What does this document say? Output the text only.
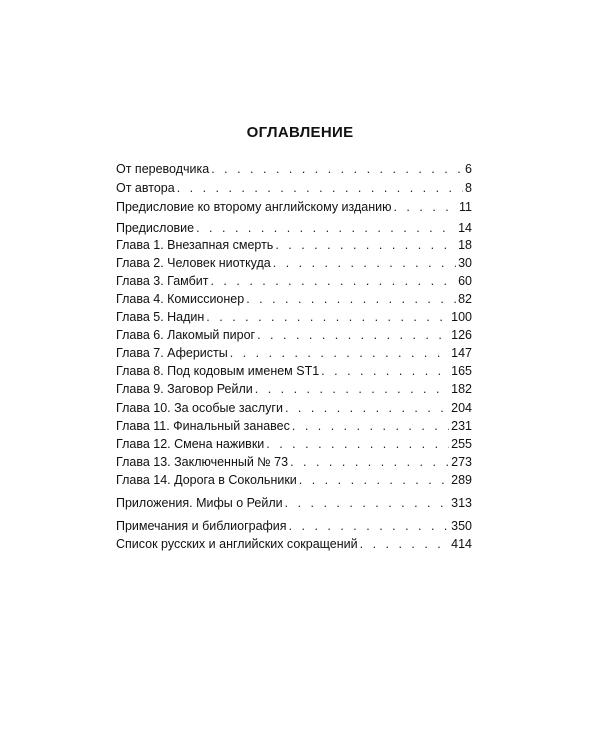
ОГЛАВЛЕНИЕ
От переводчика . . .	6
От автора . . .	8
Предисловие ко второму английскому изданию . . .	11
Предисловие . . .	14
Глава 1. Внезапная смерть . . .	18
Глава 2. Человек ниоткуда . . .	30
Глава 3. Гамбит . . .	60
Глава 4. Комиссионер . . .	82
Глава 5. Надин . . .	100
Глава 6. Лакомый пирог . . .	126
Глава 7. Аферисты . . .	147
Глава 8. Под кодовым именем ST1 . . .	165
Глава 9. Заговор Рейли . . .	182
Глава 10. За особые заслуги . . .	204
Глава 11. Финальный занавес . . .	231
Глава 12. Смена наживки . . .	255
Глава 13. Заключенный № 73 . . .	273
Глава 14. Дорога в Сокольники . . .	289
Приложения. Мифы о Рейли . . .	313
Примечания и библиография . . .	350
Список русских и английских сокращений . . .	414
